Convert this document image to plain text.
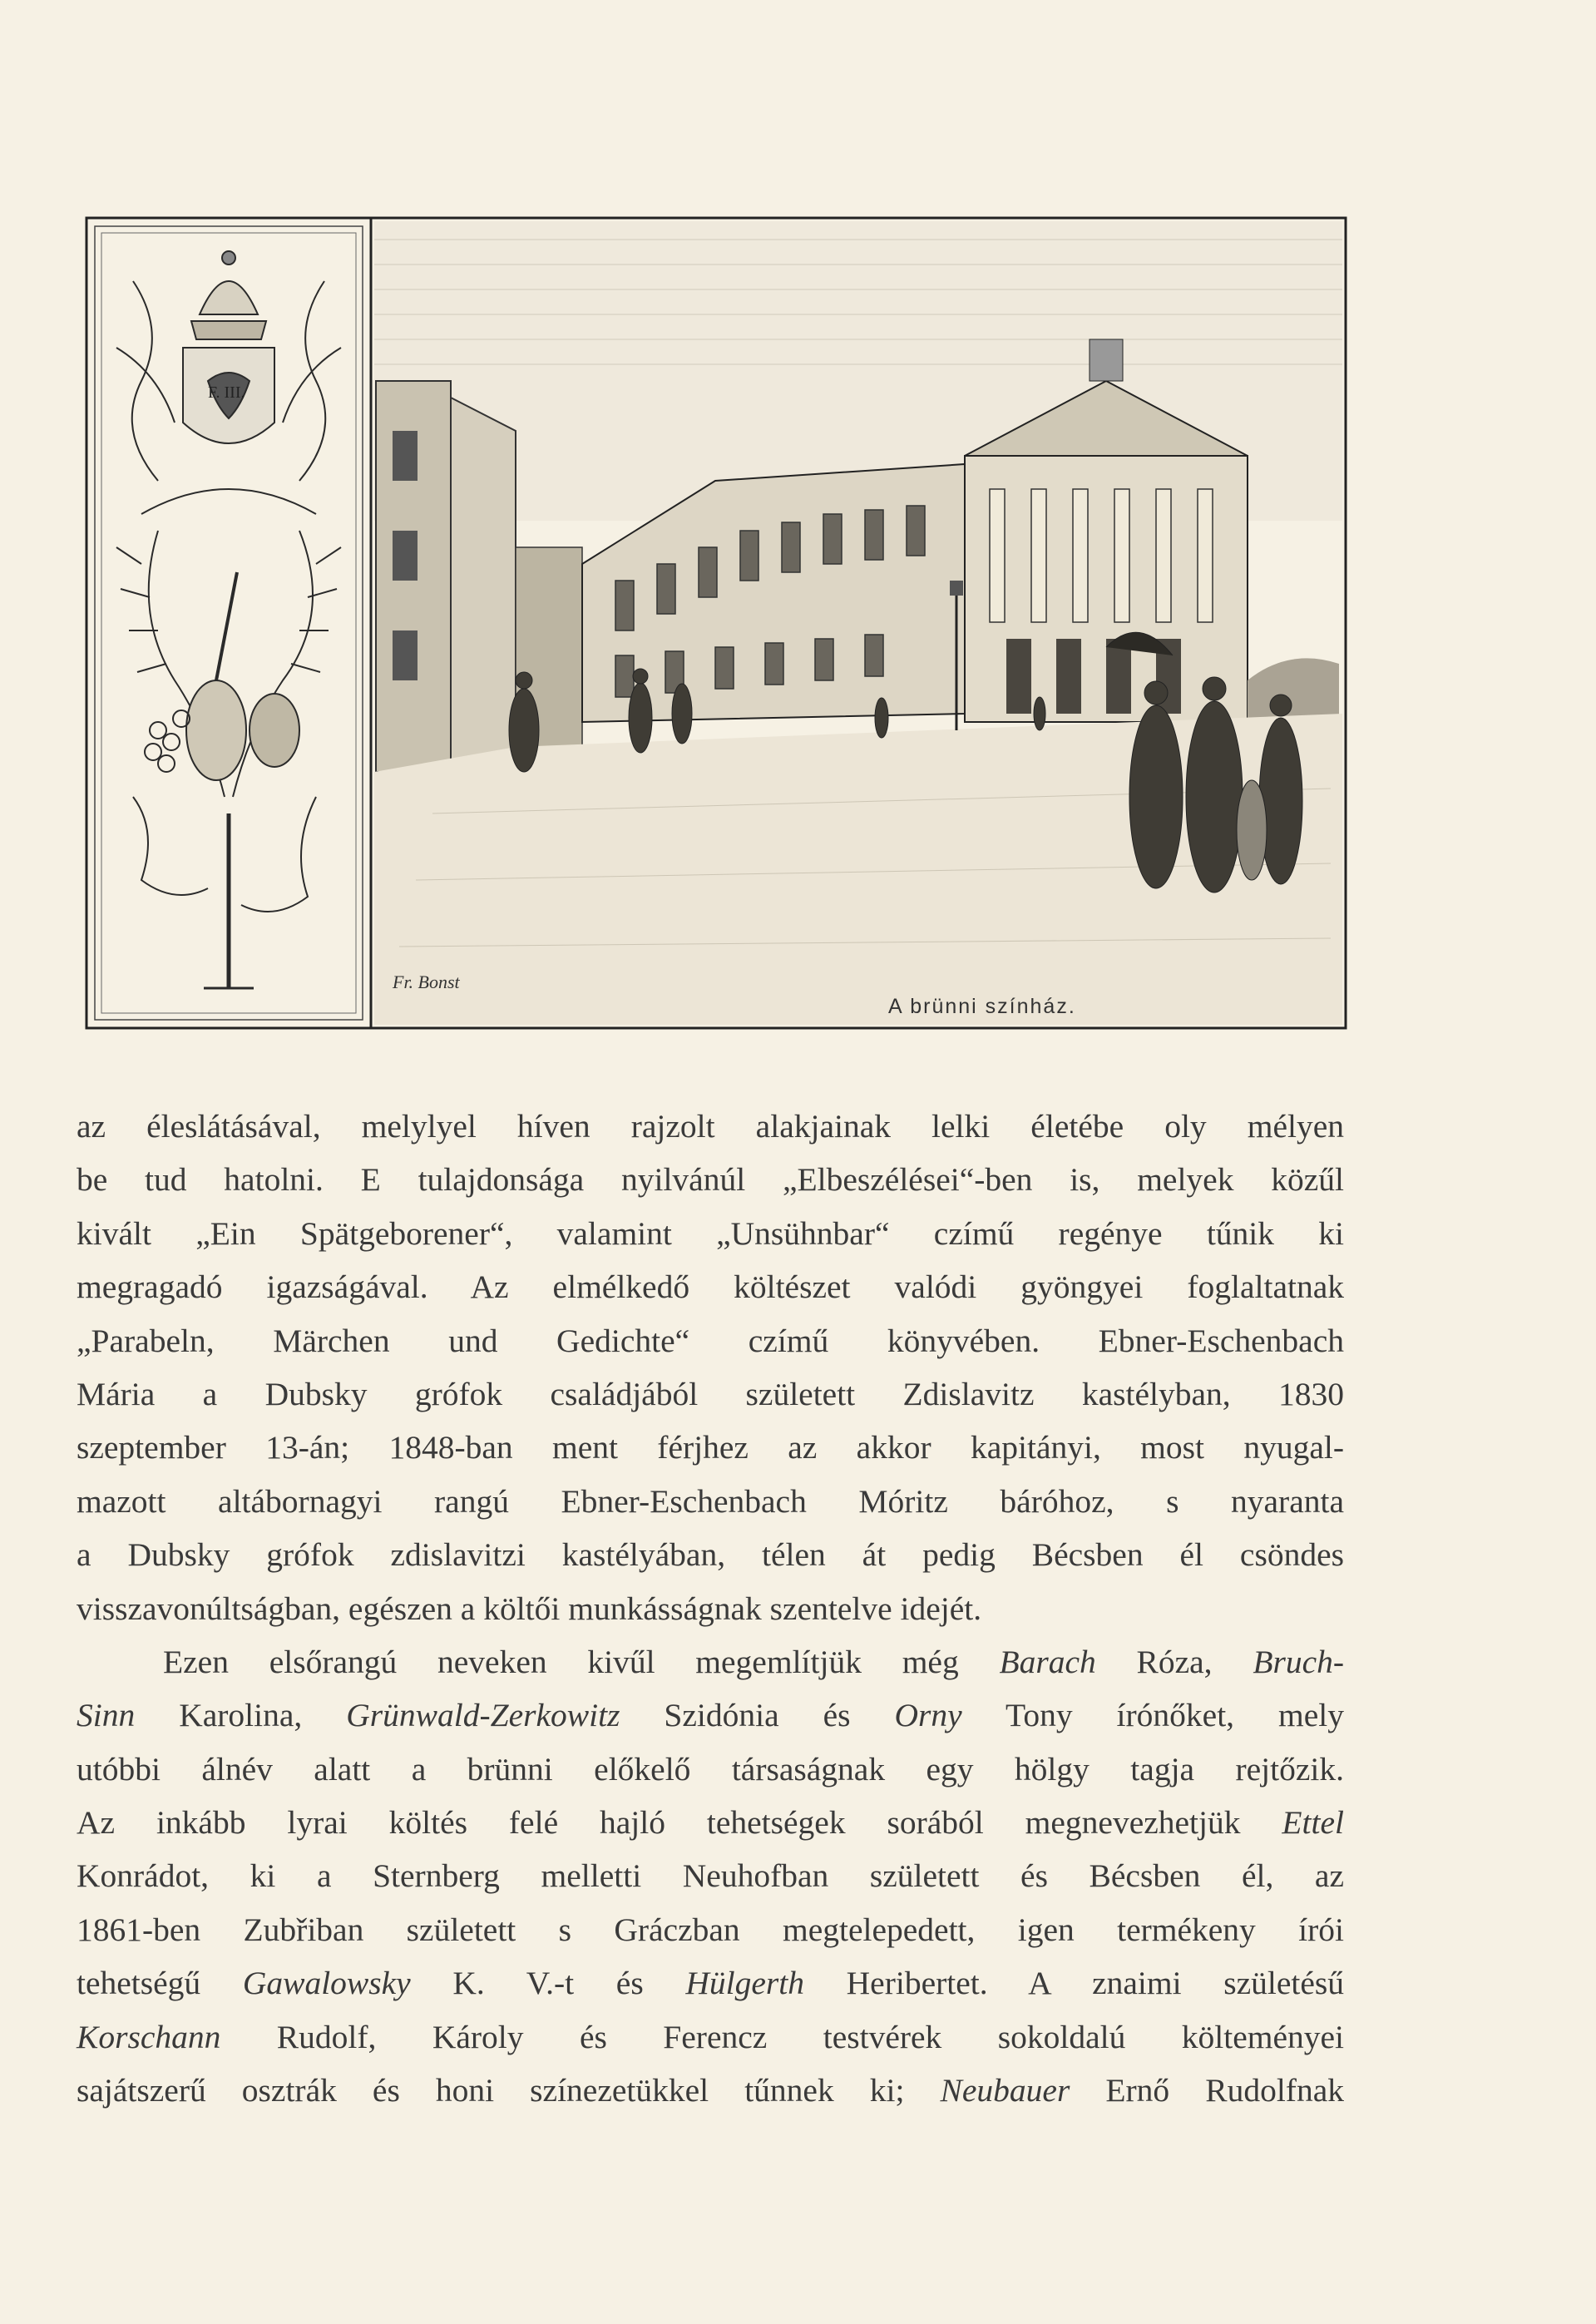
F. III.
Fr. Bonst
A brünni színház.
az éleslátásával, melylyel híven rajzolt alakjainak lelki életébe oly mélyen
be tud hatolni. E tulajdonsága nyilvánúl „Elbeszélései“-ben is, melyek közűl
kivált „Ein Spätgeborener“, valamint „Unsühnbar“ czímű regénye tűnik ki
megragadó igazságával. Az elmélkedő költészet valódi gyöngyei foglaltatnak
„Parabeln, Märchen und Gedichte“ czímű könyvében. Ebner-Eschenbach
Mária a Dubsky grófok családjából született Zdislavitz kastélyban, 1830
szeptember 13-án; 1848-ban ment férjhez az akkor kapitányi, most nyugal-
mazott altábornagyi rangú Ebner-Eschenbach Móritz báróhoz, s nyaranta
a Dubsky grófok zdislavitzi kastélyában, télen át pedig Bécsben él csöndes
visszavonúltságban, egészen a költői munkásságnak szentelve idejét.
Ezen elsőrangú neveken kivűl megemlítjük még Barach Róza, Bruch-
Sinn Karolina, Grünwald-Zerkowitz Szidónia és Orny Tony írónőket, mely
utóbbi álnév alatt a brünni előkelő társaságnak egy hölgy tagja rejtőzik.
Az inkább lyrai költés felé hajló tehetségek sorából megnevezhetjük Ettel
Konrádot, ki a Sternberg melletti Neuhofban született és Bécsben él, az
1861-ben Zubřiban született s Gráczban megtelepedett, igen termékeny írói
tehetségű Gawalowsky K. V.-t és Hülgerth Heribertet. A znaimi születésű
Korschann Rudolf, Károly és Ferencz testvérek sokoldalú költeményei
sajátszerű osztrák és honi színezetükkel tűnnek ki; Neubauer Ernő Rudolfnak
